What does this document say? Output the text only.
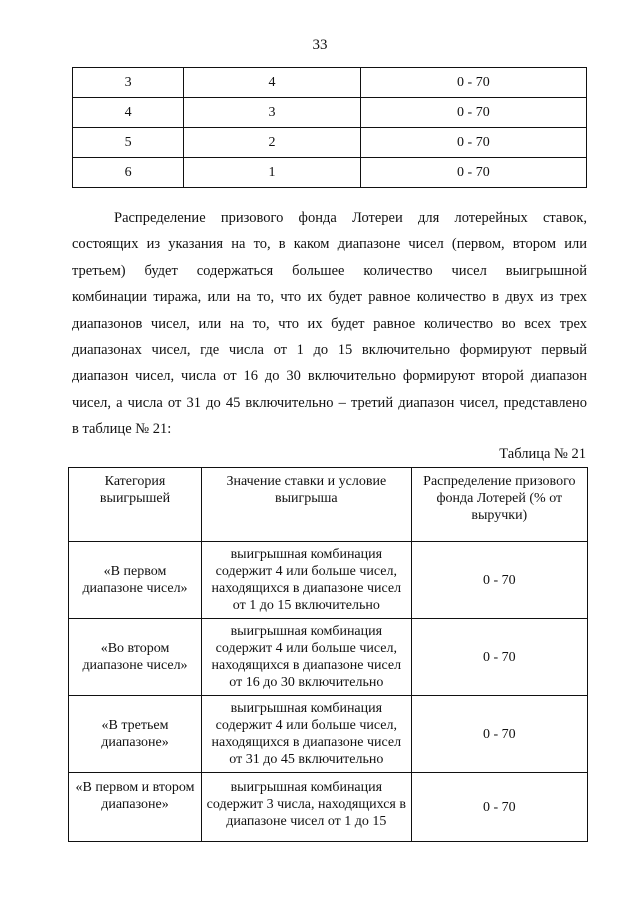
33
3	4	0 - 70
4	3	0 - 70
5	2	0 - 70
6	1	0 - 70
Распределение призового фонда Лотереи для лотерейных ставок,
состоящих из указания на то, в каком диапазоне чисел (первом, втором или
третьем) будет содержаться большее количество чисел выигрышной
комбинации тиража, или на то, что их будет равное количество в двух из трех
диапазонов чисел, или на то, что их будет равное количество во всех трех
диапазонах чисел, где числа от 1 до 15 включительно формируют первый
диапазон чисел, числа от 16 до 30 включительно формируют второй диапазон
чисел, а числа от 31 до 45 включительно – третий диапазон чисел, представлено
в таблице № 21:
Таблица № 21
Категория выигрышей	Значение ставки и условие выигрыша	Распределение призового фонда Лотерей (% от выручки)
«В первом диапазоне чисел»	выигрышная комбинация содержит 4 или больше чисел, находящихся в диапазоне чисел от 1 до 15 включительно	0 - 70
«Во втором диапазоне чисел»	выигрышная комбинация содержит 4 или больше чисел, находящихся в диапазоне чисел от 16 до 30 включительно	0 - 70
«В третьем диапазоне»	выигрышная комбинация содержит 4 или больше чисел, находящихся в диапазоне чисел от 31 до 45 включительно	0 - 70
«В первом и втором диапазоне»	выигрышная комбинация содержит 3 числа, находящихся в диапазоне чисел от 1 до 15	0 - 70
